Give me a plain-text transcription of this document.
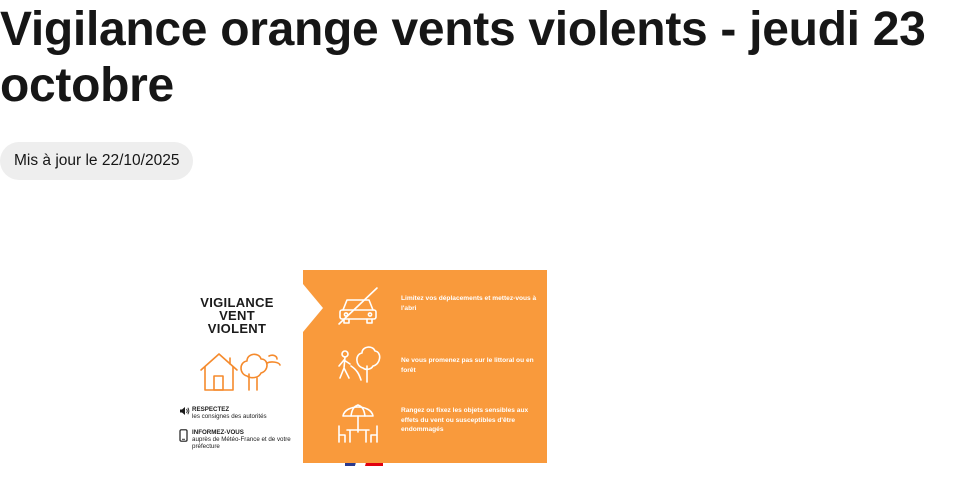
Vigilance orange vents violents - jeudi 23 octobre
Mis à jour le 22/10/2025
VIGILANCE
VENT
VIOLENT
RESPECTEZ
les consignes des autorités
INFORMEZ-VOUS
auprès de Météo-France et de votre préfecture
Limitez vos déplacements et mettez-vous à l'abri
Ne vous promenez pas sur le littoral ou en forêt
Rangez ou fixez les objets sensibles aux effets du vent ou susceptibles d'être endommagés
